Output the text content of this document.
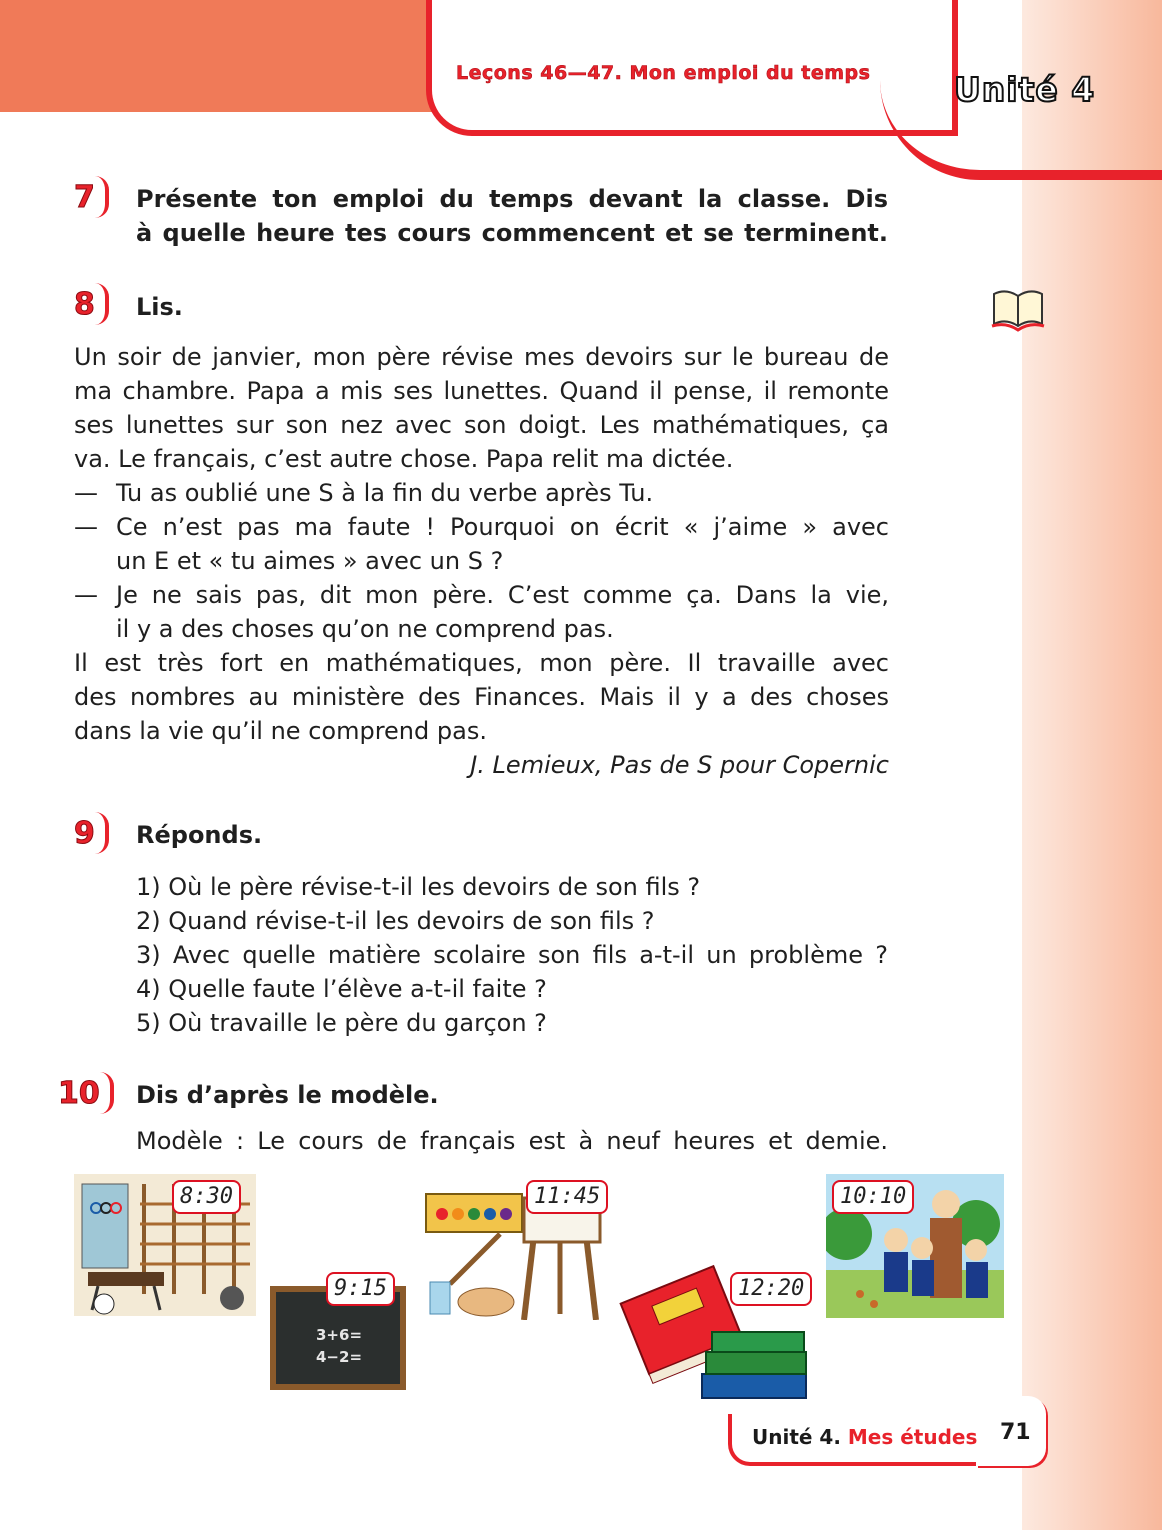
Leçons 46—47. Mon emploi du temps	Unité 4
7 Présente ton emploi du temps devant la classe. Dis
à quelle heure tes cours commencent et se terminent.
8 Lis.
Un soir de janvier, mon père révise mes devoirs sur le bureau de
ma chambre. Papa a mis ses lunettes. Quand il pense, il remonte
ses lunettes sur son nez avec son doigt. Les mathématiques, ça
va. Le français, c’est autre chose. Papa relit ma dictée.
— Tu as oublié une S à la fin du verbe après Tu.
— Ce n’est pas ma faute ! Pourquoi on écrit « j’aime » avec
un E et « tu aimes » avec un S ?
— Je ne sais pas, dit mon père. C’est comme ça. Dans la vie,
il y a des choses qu’on ne comprend pas.
Il est très fort en mathématiques, mon père. Il travaille avec
des nombres au ministère des Finances. Mais il y a des choses
dans la vie qu’il ne comprend pas.
J. Lemieux, Pas de S pour Copernic
9 Réponds.
1) Où le père révise-t-il les devoirs de son fils ?
2) Quand révise-t-il les devoirs de son fils ?
3) Avec quelle matière scolaire son fils a-t-il un problème ?
4) Quelle faute l’élève a-t-il faite ?
5) Où travaille le père du garçon ?
10 Dis d’après le modèle.
Modèle : Le cours de français est à neuf heures et demie.
8:30
3+6=
4−2=
9:15
11:45
12:20
10:10
Unité 4. Mes études 71
